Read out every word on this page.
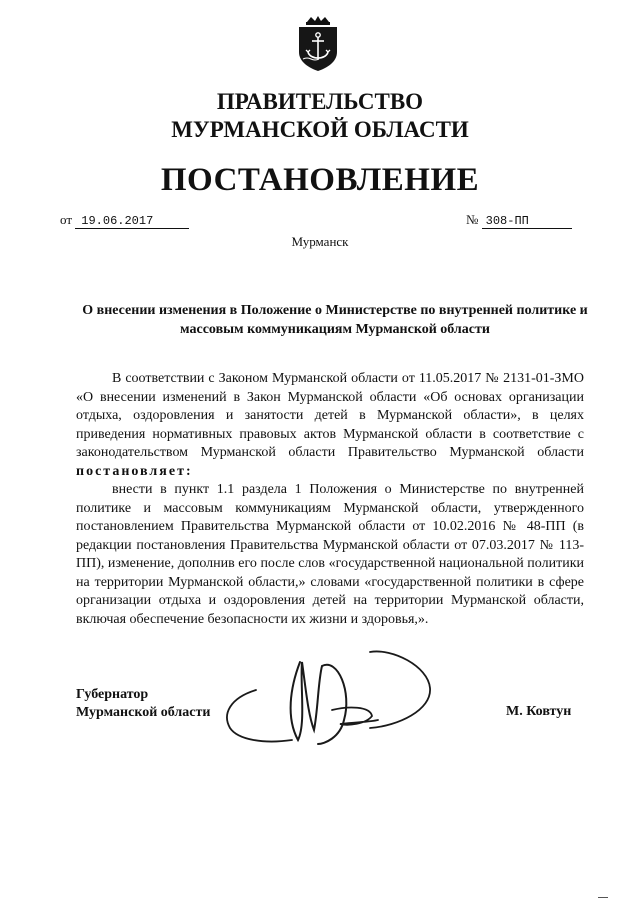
ПРАВИТЕЛЬСТВО
МУРМАНСКОЙ ОБЛАСТИ
ПОСТАНОВЛЕНИЕ
от 19.06.2017	№ 308-ПП
Мурманск
О внесении изменения в Положение о Министерстве по внутренней политике и массовым коммуникациям Мурманской области

В соответствии с Законом Мурманской области от 11.05.2017 № 2131-01-ЗМО «О внесении изменений в Закон Мурманской области «Об основах организации отдыха, оздоровления и занятости детей в Мурманской области», в целях приведения нормативных правовых актов Мурманской области в соответствие с законодательством Мурманской области Правительство Мурманской области постановляет:

внести в пункт 1.1 раздела 1 Положения о Министерстве по внутренней политике и массовым коммуникациям Мурманской области, утвержденного постановлением Правительства Мурманской области от 10.02.2016 № 48-ПП (в редакции постановления Правительства Мурманской области от 07.03.2017 № 113-ПП), изменение, дополнив его после слов «государственной национальной политики на территории Мурманской области,» словами «государственной политики в сфере организации отдыха и оздоровления детей на территории Мурманской области, включая обеспечение безопасности их жизни и здоровья,».

Губернатор
Мурманской области	М. Ковтун
